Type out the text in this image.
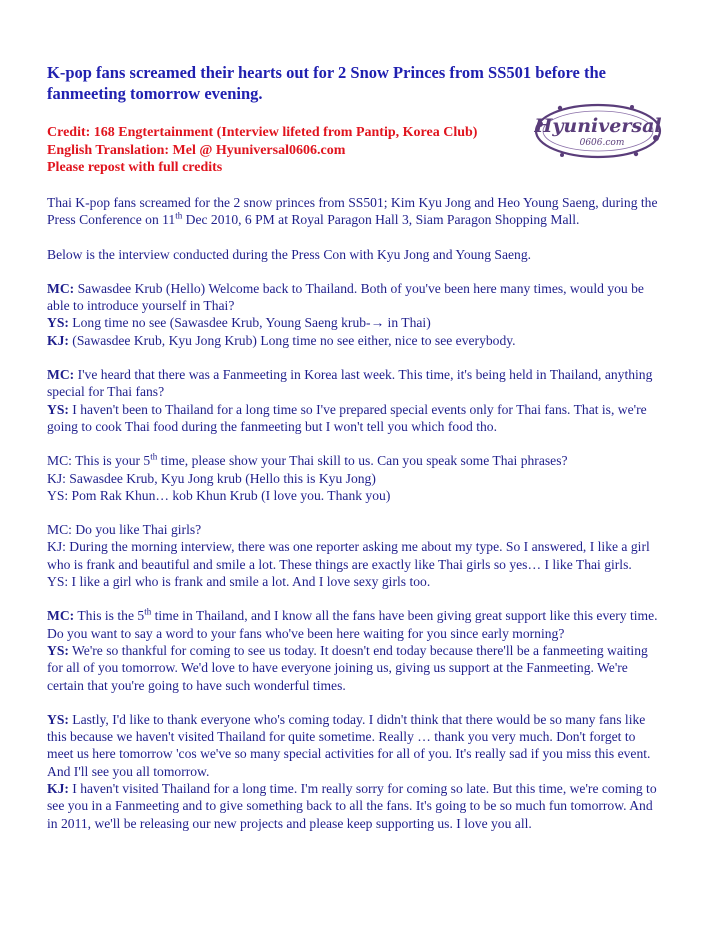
K-pop fans screamed their hearts out for 2 Snow Princes from SS501 before the fanmeeting tomorrow evening.
Credit: 168 Engtertainment (Interview lifeted from Pantip, Korea Club)
English Translation: Mel @ Hyuniversal0606.com
Please repost with full credits
Hyuniversal
0606.com

Thai K-pop fans screamed for the 2 snow princes from SS501; Kim Kyu Jong and Heo Young Saeng, during the Press Conference on 11th Dec 2010, 6 PM at Royal Paragon Hall 3, Siam Paragon Shopping Mall.

Below is the interview conducted during the Press Con with Kyu Jong and Young Saeng.

MC: Sawasdee Krub (Hello) Welcome back to Thailand. Both of you've been here many times, would you be able to introduce yourself in Thai?
YS: Long time no see (Sawasdee Krub, Young Saeng krub-→ in Thai)
KJ: (Sawasdee Krub, Kyu Jong Krub) Long time no see either, nice to see everybody.

MC: I've heard that there was a Fanmeeting in Korea last week. This time, it's being held in Thailand, anything special for Thai fans?
YS: I haven't been to Thailand for a long time so I've prepared special events only for Thai fans. That is, we're going to cook Thai food during the fanmeeting but I won't tell you which food tho.

MC: This is your 5th time, please show your Thai skill to us. Can you speak some Thai phrases?
KJ: Sawasdee Krub, Kyu Jong krub (Hello this is Kyu Jong)
YS: Pom Rak Khun… kob Khun Krub (I love you. Thank you)

MC: Do you like Thai girls?
KJ: During the morning interview, there was one reporter asking me about my type. So I answered, I like a girl who is frank and beautiful and smile a lot. These things are exactly like Thai girls so yes… I like Thai girls.
YS: I like a girl who is frank and smile a lot. And I love sexy girls too.

MC: This is the 5th time in Thailand, and I know all the fans have been giving great support like this every time. Do you want to say a word to your fans who've been here waiting for you since early morning?
YS: We're so thankful for coming to see us today. It doesn't end today because there'll be a fanmeeting waiting for all of you tomorrow. We'd love to have everyone joining us, giving us support at the Fanmeeting. We're certain that you're going to have such wonderful times.

YS: Lastly, I'd like to thank everyone who's coming today. I didn't think that there would be so many fans like this because we haven't visited Thailand for quite sometime. Really … thank you very much. Don't forget to meet us here tomorrow 'cos we've so many special activities for all of you. It's really sad if you miss this event. And I'll see you all tomorrow.
KJ: I haven't visited Thailand for a long time. I'm really sorry for coming so late. But this time, we're coming to see you in a Fanmeeting and to give something back to all the fans. It's going to be so much fun tomorrow. And in 2011, we'll be releasing our new projects and please keep supporting us. I love you all.
